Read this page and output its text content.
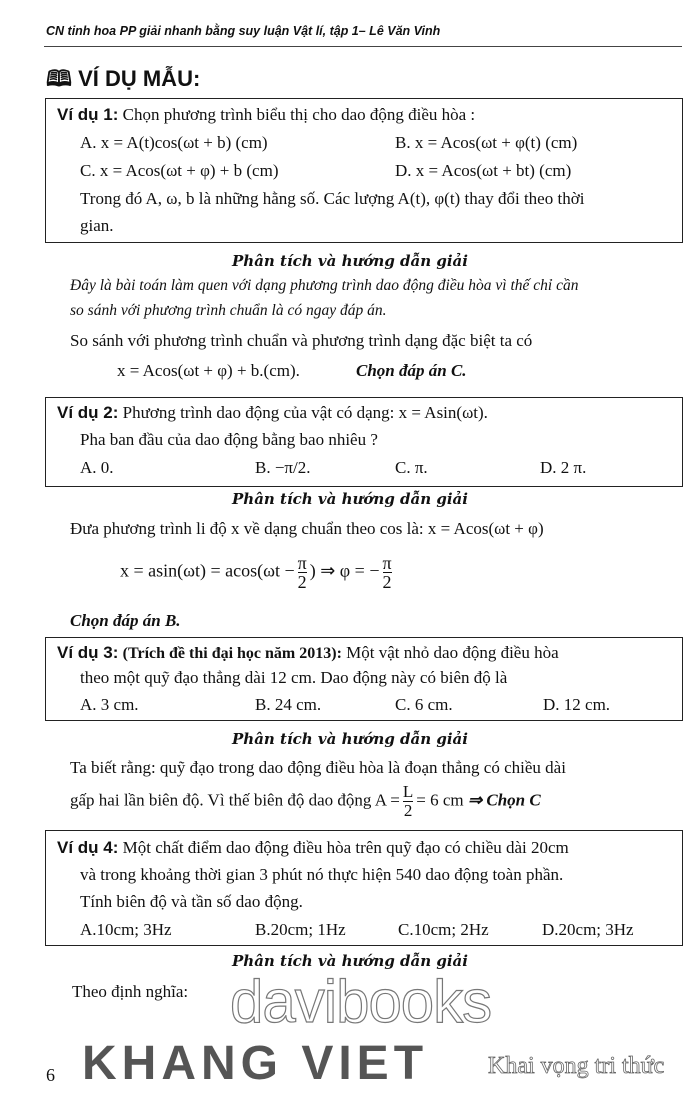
CN tinh hoa PP giải nhanh bằng suy luận Vật lí, tập 1– Lê Văn Vinh
🕮 VÍ DỤ MẪU:
Ví dụ 1: Chọn phương trình biểu thị cho dao động điều hòa :
A. x = A(t)cos(ωt + b) (cm)	B. x = Acos(ωt + φ(t) (cm)
C. x = Acos(ωt + φ) + b (cm)	D. x = Acos(ωt + bt) (cm)
Trong đó A, ω, b là những hằng số. Các lượng A(t), φ(t) thay đổi theo thời
gian.
Phân tích và hướng dẫn giải
Đây là bài toán làm quen với dạng phương trình dao động điều hòa vì thế chỉ cần
so sánh với phương trình chuẩn là có ngay đáp án.
So sánh với phương trình chuẩn và phương trình dạng đặc biệt ta có
x = Acos(ωt + φ) + b.(cm).	Chọn đáp án C.
Ví dụ 2: Phương trình dao động của vật có dạng: x = Asin(ωt).
Pha ban đầu của dao động bằng bao nhiêu ?
A. 0.	B. −π/2.	C. π.	D. 2 π.
Phân tích và hướng dẫn giải
Đưa phương trình li độ x về dạng chuẩn theo cos là: x = Acos(ωt + φ)
$x = asin(\omega t) = acos(\omega t - \frac{\pi}{2}$ ) ⇒ φ = − $\frac{\pi}{2}$
Chọn đáp án B.
Ví dụ 3: (Trích đề thi đại học năm 2013): Một vật nhỏ dao động điều hòa
theo một quỹ đạo thẳng dài 12 cm. Dao động này có biên độ là
A. 3 cm.	B. 24 cm.	C. 6 cm.	D. 12 cm.
Phân tích và hướng dẫn giải
Ta biết rằng: quỹ đạo trong dao động điều hòa là đoạn thẳng có chiều dài
gấp hai lần biên độ. Vì thế biên độ dao động $A = \frac{L}{2} = 6$ cm ⇒ Chọn C
Ví dụ 4: Một chất điểm dao động điều hòa trên quỹ đạo có chiều dài 20cm
và trong khoảng thời gian 3 phút nó thực hiện 540 dao động toàn phần.
Tính biên độ và tần số dao động.
A.10cm; 3Hz	B.20cm; 1Hz	C.10cm; 2Hz	D.20cm; 3Hz
Phân tích và hướng dẫn giải
Theo định nghĩa: davibooks
KHANG VIET Khai vọng tri thức
6
